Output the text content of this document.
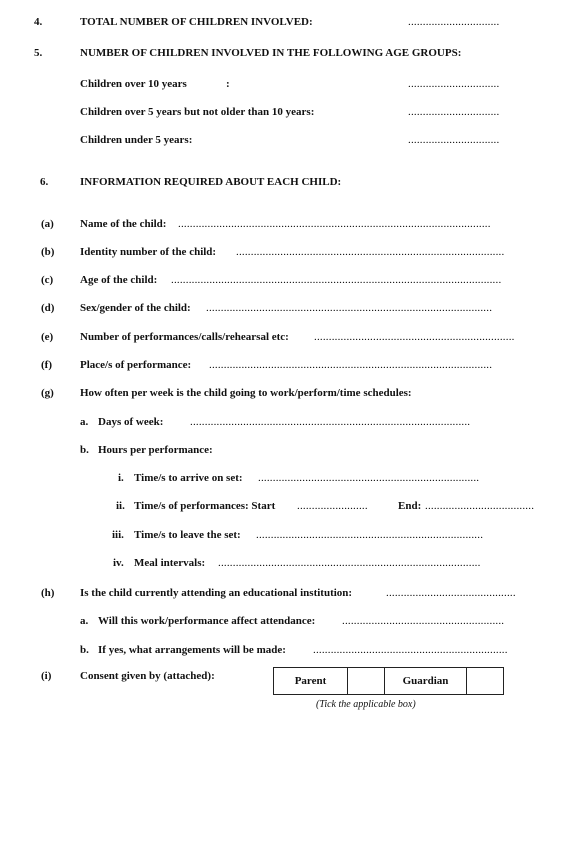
4.	TOTAL NUMBER OF CHILDREN INVOLVED:	...............................
5.	NUMBER OF CHILDREN INVOLVED IN THE FOLLOWING AGE GROUPS:
Children over 10 years	:	...............................
Children over 5 years but not older than 10 years:	...............................
Children under 5 years:	...............................
6.	INFORMATION REQUIRED ABOUT EACH CHILD:
(a) Name of the child: ..........................................................................................................
(b) Identity number of the child: ...........................................................................................
(c) Age of the child: ................................................................................................................
(d) Sex/gender of the child: .................................................................................................
(e) Number of performances/calls/rehearsal etc: ....................................................................
(f)	Place/s of performance: ................................................................................................
(g) How often per week is the child going to work/perform/time schedules:
a. Days of week: ...............................................................................................
b. Hours per performance:
i. Time/s to arrive on set: ...........................................................................
ii. Time/s of performances: Start ........................	End: .....................................
iii. Time/s to leave the set: .............................................................................
iv. Meal intervals: .........................................................................................
(h) Is the child currently attending an educational institution:	............................................
a. Will this work/performance affect attendance: .......................................................
b. If yes, what arrangements will be made: ..................................................................
(i)	Consent given by (attached):	Parent		Guardian	
(Tick the applicable box)
